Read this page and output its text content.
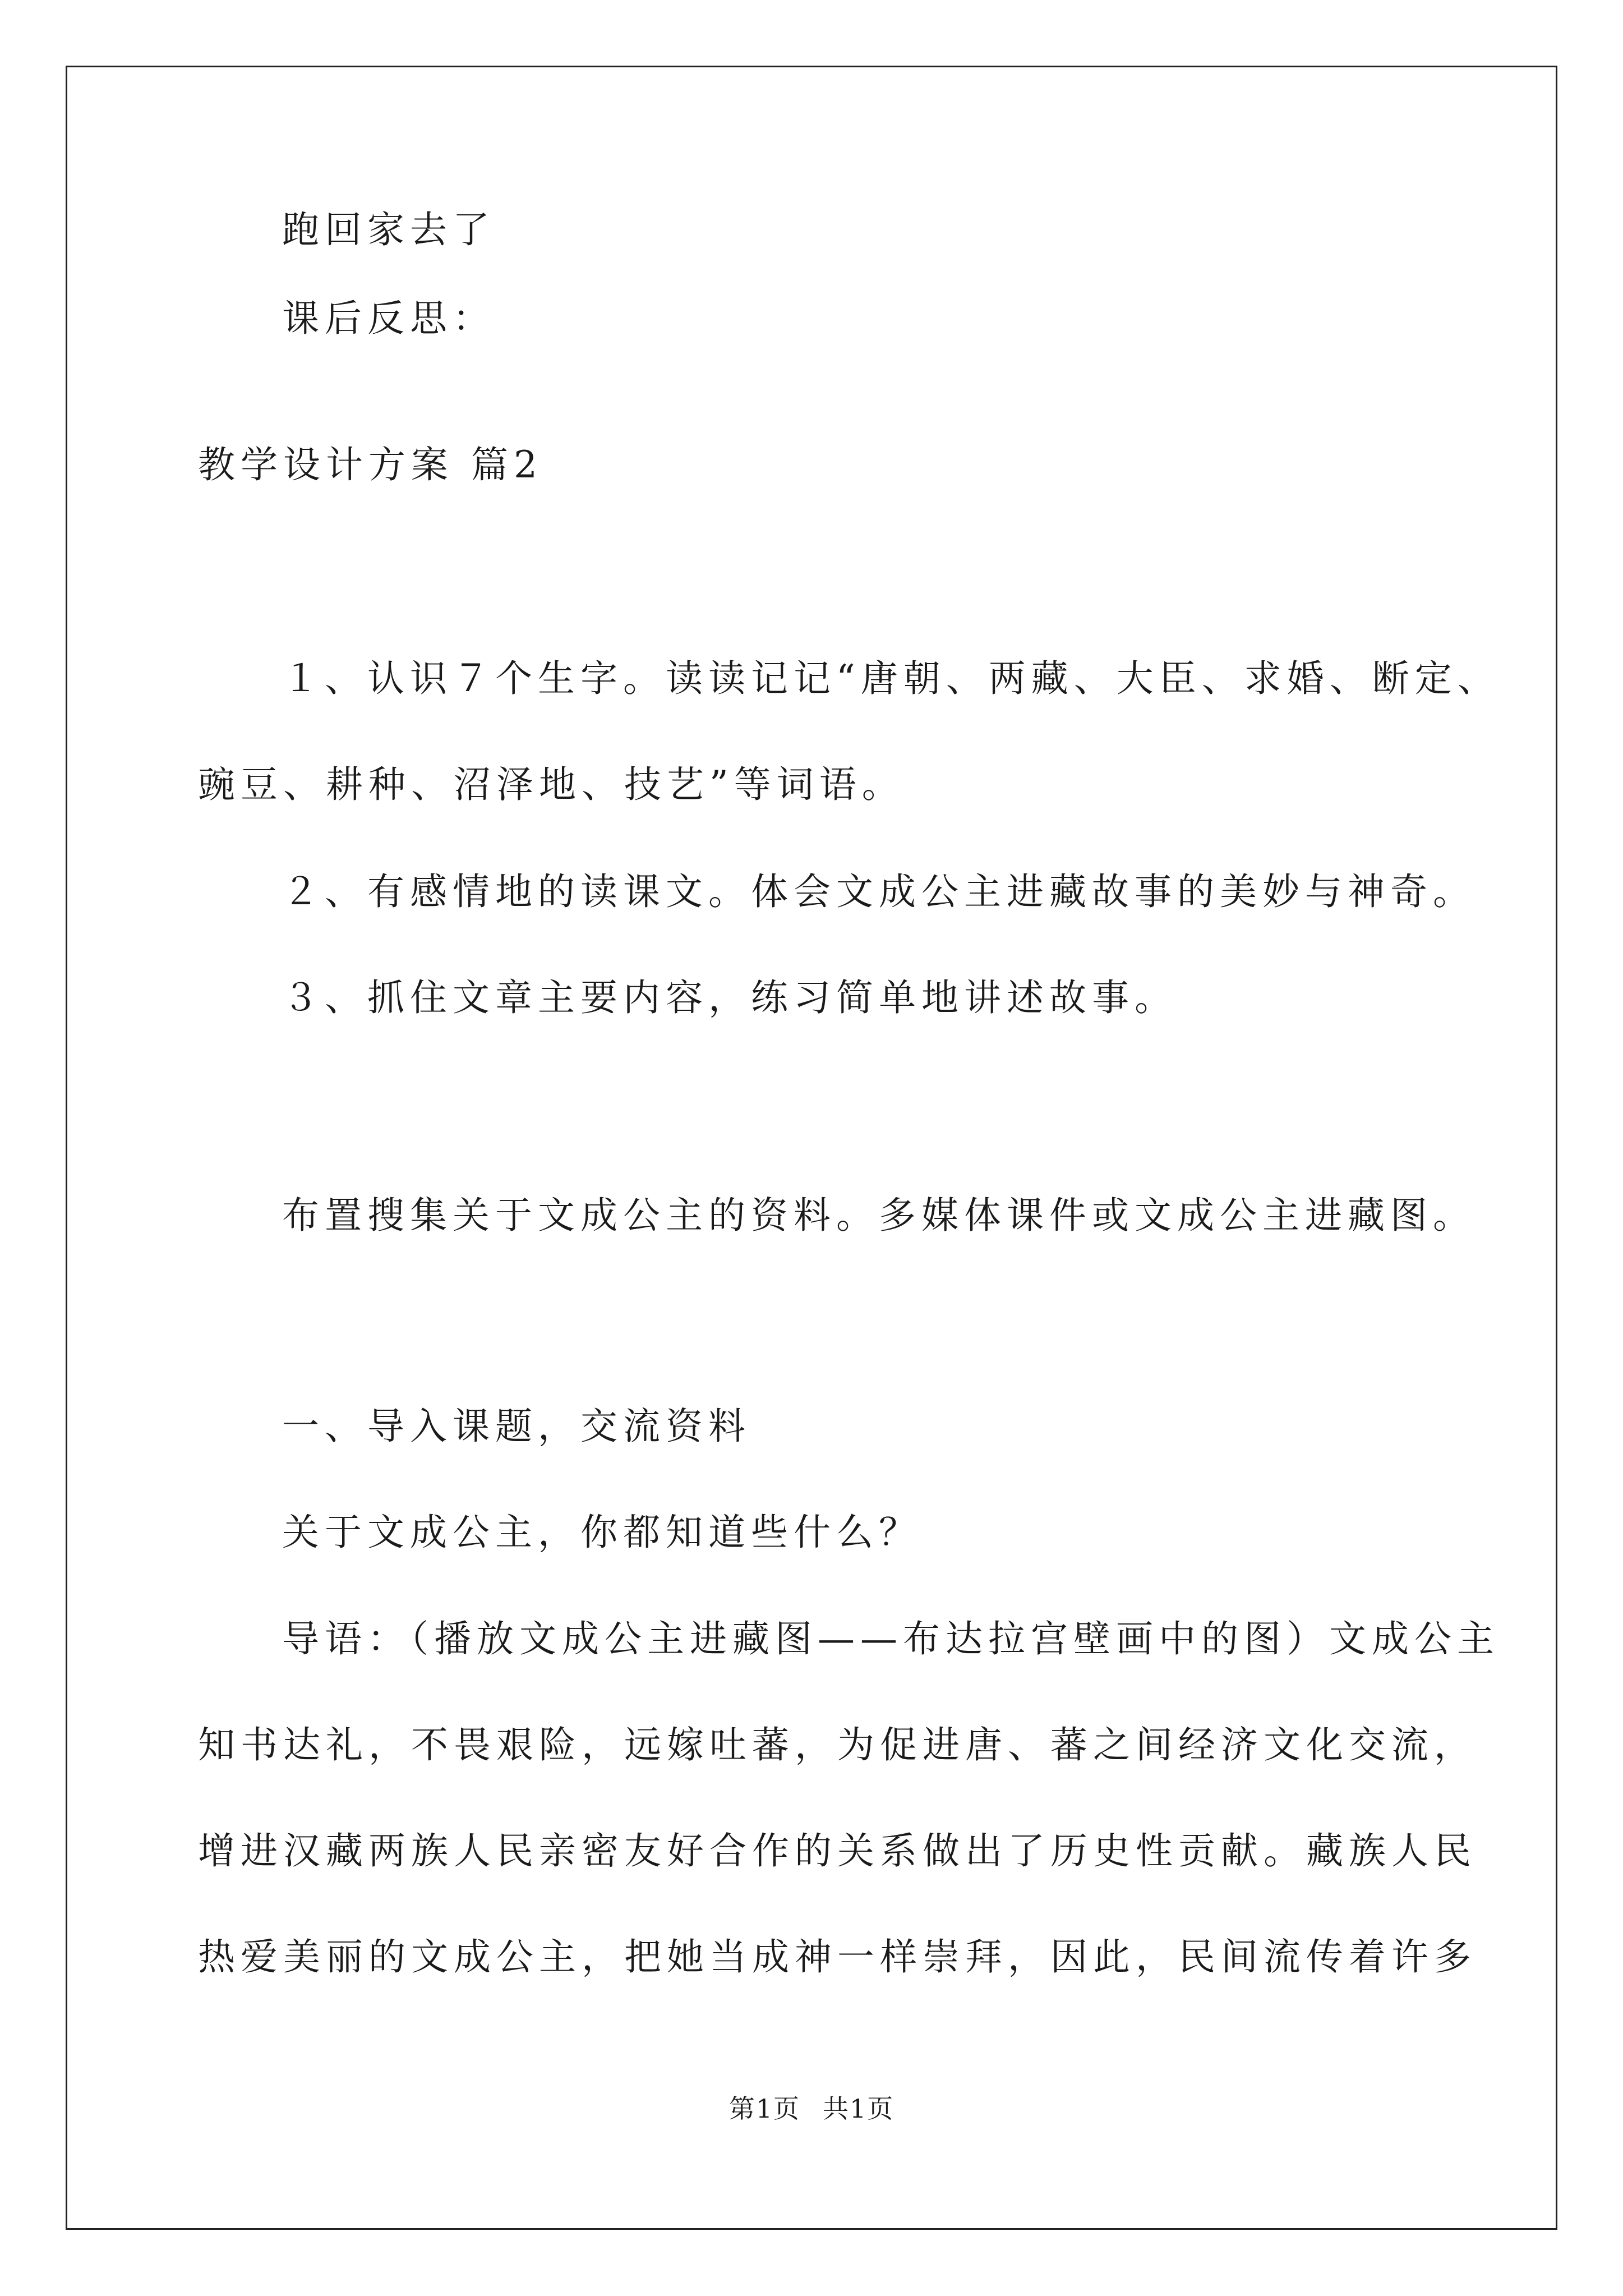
跑回家去了
课后反思：
教学设计方案 篇2
１、认识７个生字。读读记记“唐朝、两藏、大臣、求婚、断定、
豌豆、耕种、沼泽地、技艺”等词语。
２、有感情地的读课文。体会文成公主进藏故事的美妙与神奇。
３、抓住文章主要内容，练习简单地讲述故事。
布置搜集关于文成公主的资料。多媒体课件或文成公主进藏图。
一、导入课题，交流资料
关于文成公主，你都知道些什么？
导语：（播放文成公主进藏图——布达拉宫壁画中的图）文成公主
知书达礼，不畏艰险，远嫁吐蕃，为促进唐、蕃之间经济文化交流，
增进汉藏两族人民亲密友好合作的关系做出了历史性贡献。藏族人民
热爱美丽的文成公主，把她当成神一样崇拜，因此，民间流传着许多
第1页 共1页
